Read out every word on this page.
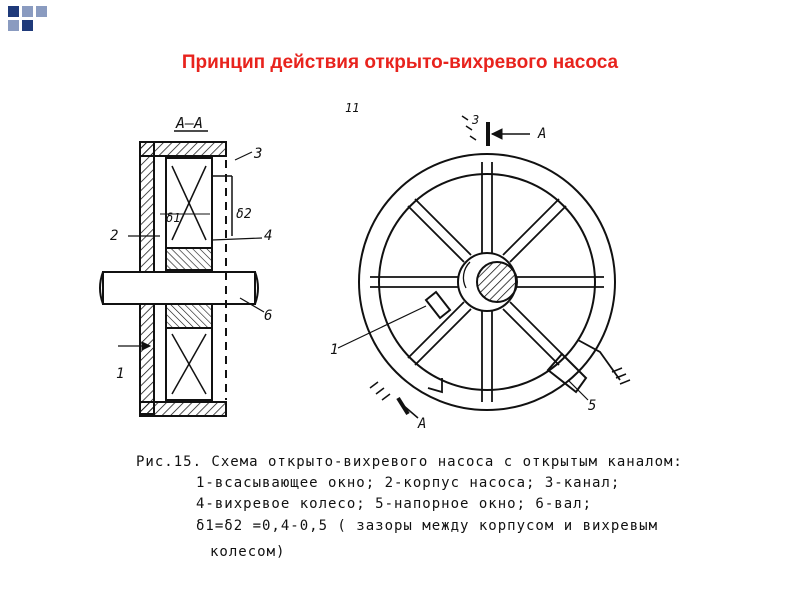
Принцип действия открыто-вихревого насоса
А–А
δ1	δ2
3
2	4
6
1
11
1
5
А
3
А
Рис.15. Схема открыто-вихревого насоса с открытым каналом:
1-всасывающее окно; 2-корпус насоса; 3-канал;
4-вихревое колесо; 5-напорное окно; 6-вал;
δ1=δ2 =0,4-0,5 ( зазоры между корпусом и вихревым
колесом)
